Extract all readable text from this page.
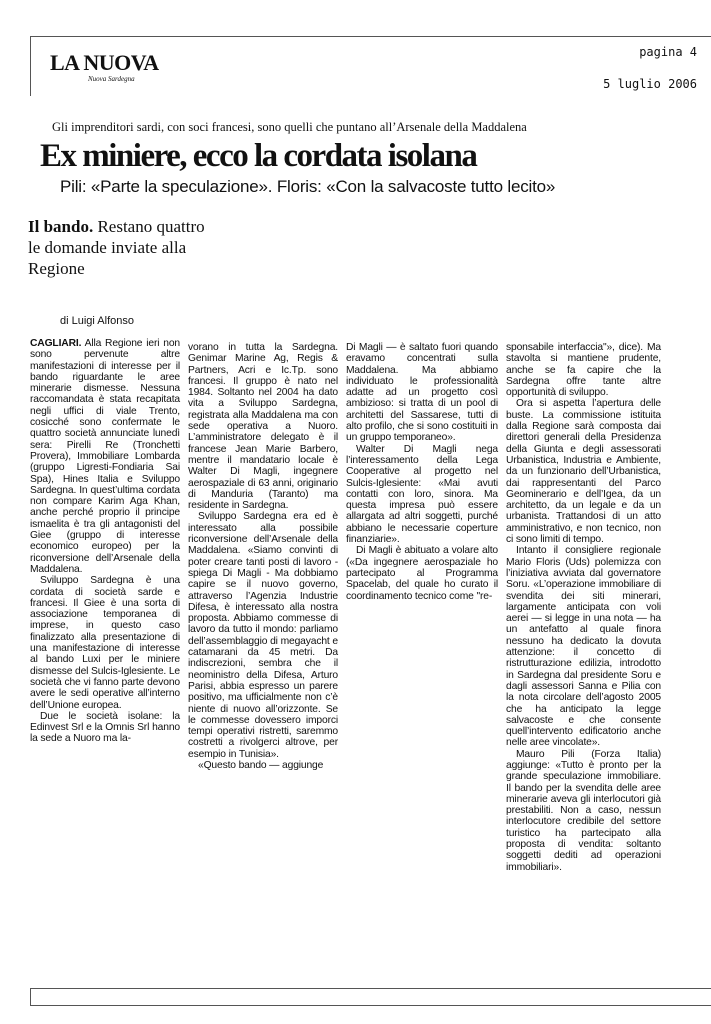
LA NUOVA
Nuova Sardegna
pagina 4
5 luglio 2006
Gli imprenditori sardi, con soci francesi, sono quelli che puntano all’Arsenale della Maddalena
Ex miniere, ecco la cordata isolana
Pili: «Parte la speculazione». Floris: «Con la salvacoste tutto lecito»
Il bando. Restano quattro le domande inviate alla Regione
di Luigi Alfonso

CAGLIARI. Alla Regione ieri non sono pervenute altre manifestazioni di interesse per il bando riguardante le aree minerarie dismesse. Nessuna raccomandata è stata recapitata negli uffici di viale Trento, cosicché sono confermate le quattro società annunciate lunedì sera: Pirelli Re (Tronchetti Provera), Immobiliare Lombarda (gruppo Ligresti-Fondiaria Sai Spa), Hines Italia e Sviluppo Sardegna. In quest’ultima cordata non compare Karim Aga Khan, anche perché proprio il principe ismaelita è tra gli antagonisti del Giee (gruppo di interesse economico europeo) per la riconversione dell’Arsenale della Maddalena.

Sviluppo Sardegna è una cordata di società sarde e francesi. Il Giee è una sorta di associazione temporanea di imprese, in questo caso finalizzato alla presentazione di una manifestazione di interesse al bando Luxi per le miniere dismesse del Sulcis-Iglesiente. Le società che vi fanno parte devono avere le sedi operative all’interno dell’Unione europea.

Due le società isolane: la Edinvest Srl e la Omnis Srl hanno la sede a Nuoro ma la-

vorano in tutta la Sardegna. Genimar Marine Ag, Regis & Partners, Acri e Ic.Tp. sono francesi. Il gruppo è nato nel 1984. Soltanto nel 2004 ha dato vita a Sviluppo Sardegna, registrata alla Maddalena ma con sede operativa a Nuoro. L’amministratore delegato è il francese Jean Marie Barbero, mentre il mandatario locale è Walter Di Magli, ingegnere aerospaziale di 63 anni, originario di Manduria (Taranto) ma residente in Sardegna.

Sviluppo Sardegna era ed è interessato alla possibile riconversione dell’Arsenale della Maddalena. «Siamo convinti di poter creare tanti posti di lavoro - spiega Di Magli - Ma dobbiamo capire se il nuovo governo, attraverso l’Agenzia Industrie Difesa, è interessato alla nostra proposta. Abbiamo commesse di lavoro da tutto il mondo: parliamo dell’assemblaggio di megayacht e catamarani da 45 metri. Da indiscrezioni, sembra che il neoministro della Difesa, Arturo Parisi, abbia espresso un parere positivo, ma ufficialmente non c’è niente di nuovo all’orizzonte. Se le commesse dovessero imporci tempi operativi ristretti, saremmo costretti a rivolgerci altrove, per esempio in Tunisia».

«Questo bando — aggiunge

Di Magli — è saltato fuori quando eravamo concentrati sulla Maddalena. Ma abbiamo individuato le professionalità adatte ad un progetto così ambizioso: si tratta di un pool di architetti del Sassarese, tutti di alto profilo, che si sono costituiti in un gruppo temporaneo».

Walter Di Magli nega l’interessamento della Lega Cooperative al progetto nel Sulcis-Iglesiente: «Mai avuti contatti con loro, sinora. Ma questa impresa può essere allargata ad altri soggetti, purché abbiano le necessarie coperture finanziarie».

Di Magli è abituato a volare alto («Da ingegnere aerospaziale ho partecipato al Programma Spacelab, del quale ho curato il coordinamento tecnico come "re-

sponsabile interfaccia"», dice). Ma stavolta si mantiene prudente, anche se fa capire che la Sardegna offre tante altre opportunità di sviluppo.

Ora si aspetta l’apertura delle buste. La commissione istituita dalla Regione sarà composta dai direttori generali della Presidenza della Giunta e degli assessorati Urbanistica, Industria e Ambiente, da un funzionario dell’Urbanistica, dai rappresentanti del Parco Geominerario e dell’Igea, da un architetto, da un legale e da un urbanista. Trattandosi di un atto amministrativo, e non tecnico, non ci sono limiti di tempo.

Intanto il consigliere regionale Mario Floris (Uds) polemizza con l’iniziativa avviata dal governatore Soru. «L’operazione immobiliare di svendita dei siti minerari, largamente anticipata con voli aerei — si legge in una nota — ha un antefatto al quale finora nessuno ha dedicato la dovuta attenzione: il concetto di ristrutturazione edilizia, introdotto in Sardegna dal presidente Soru e dagli assessori Sanna e Pilia con la nota circolare dell’agosto 2005 che ha anticipato la legge salvacoste e che consente quell’intervento edificatorio anche nelle aree vincolate».

Mauro Pili (Forza Italia) aggiunge: «Tutto è pronto per la grande speculazione immobiliare. Il bando per la svendita delle aree minerarie aveva gli interlocutori già prestabiliti. Non a caso, nessun interlocutore credibile del settore turistico ha partecipato alla proposta di vendita: soltanto soggetti dediti ad operazioni immobiliari».
